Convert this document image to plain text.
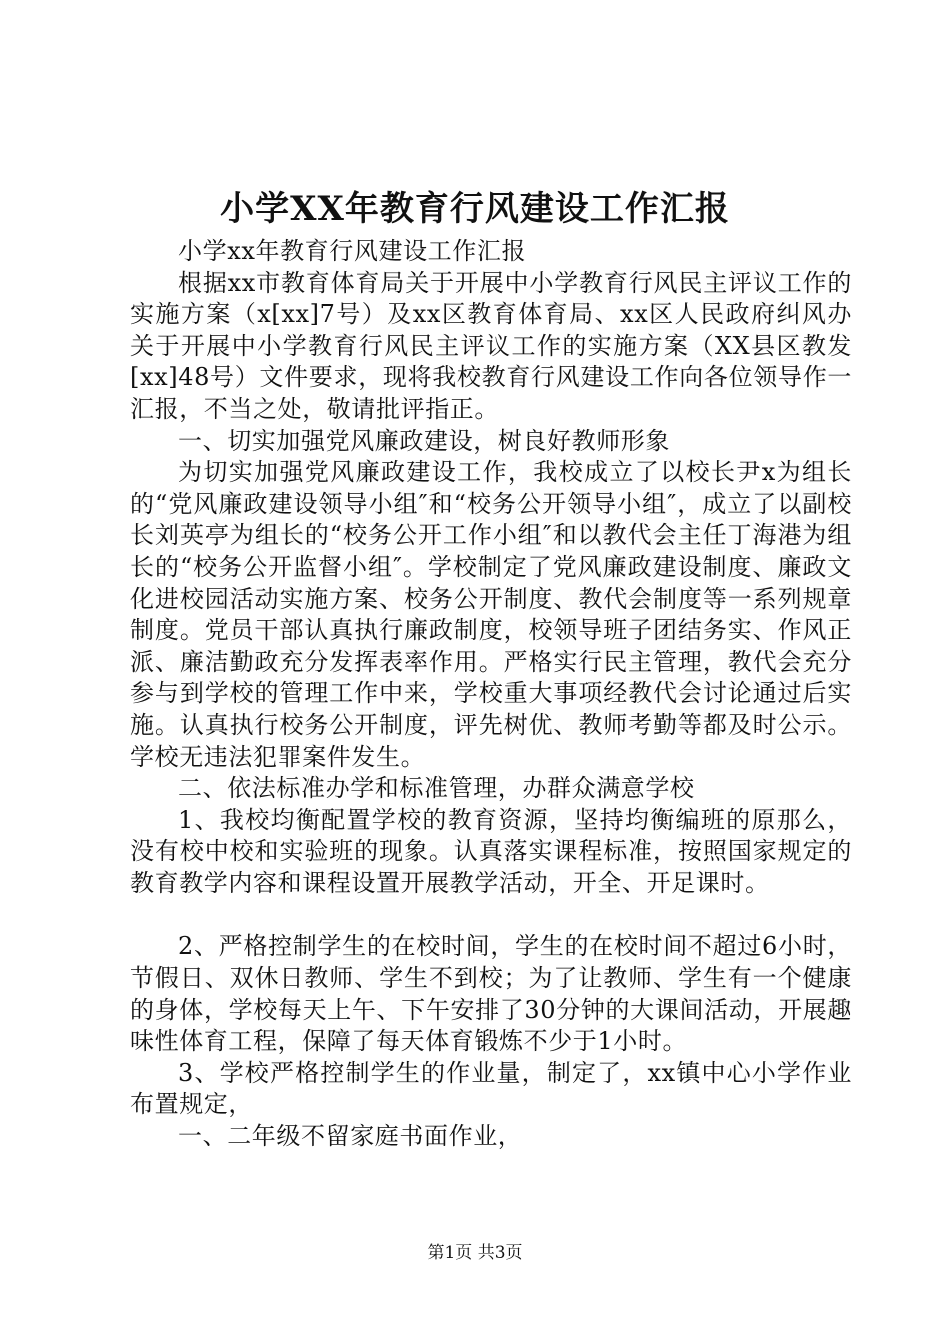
小学XX年教育行风建设工作汇报

小学xx年教育行风建设工作汇报

根据xx市教育体育局关于开展中小学教育行风民主评议工作的实施方案（x[xx]7号）及xx区教育体育局、xx区人民政府纠风办关于开展中小学教育行风民主评议工作的实施方案（XX县区教发[xx]48号）文件要求，现将我校教育行风建设工作向各位领导作一汇报，不当之处，敬请批评指正。

一、切实加强党风廉政建设，树良好教师形象

为切实加强党风廉政建设工作，我校成立了以校长尹x为组长的“党风廉政建设领导小组″和“校务公开领导小组″，成立了以副校长刘英亭为组长的“校务公开工作小组″和以教代会主任丁海港为组长的“校务公开监督小组″。学校制定了党风廉政建设制度、廉政文化进校园活动实施方案、校务公开制度、教代会制度等一系列规章制度。党员干部认真执行廉政制度，校领导班子团结务实、作风正派、廉洁勤政充分发挥表率作用。严格实行民主管理，教代会充分参与到学校的管理工作中来，学校重大事项经教代会讨论通过后实施。认真执行校务公开制度，评先树优、教师考勤等都及时公示。学校无违法犯罪案件发生。

二、依法标准办学和标准管理，办群众满意学校

1、我校均衡配置学校的教育资源，坚持均衡编班的原那么，没有校中校和实验班的现象。认真落实课程标准，按照国家规定的教育教学内容和课程设置开展教学活动，开全、开足课时。

2、严格控制学生的在校时间，学生的在校时间不超过6小时，节假日、双休日教师、学生不到校；为了让教师、学生有一个健康的身体，学校每天上午、下午安排了30分钟的大课间活动，开展趣味性体育工程，保障了每天体育锻炼不少于1小时。

3、学校严格控制学生的作业量，制定了，xx镇中心小学作业布置规定，

一、二年级不留家庭书面作业，

第1页 共3页
